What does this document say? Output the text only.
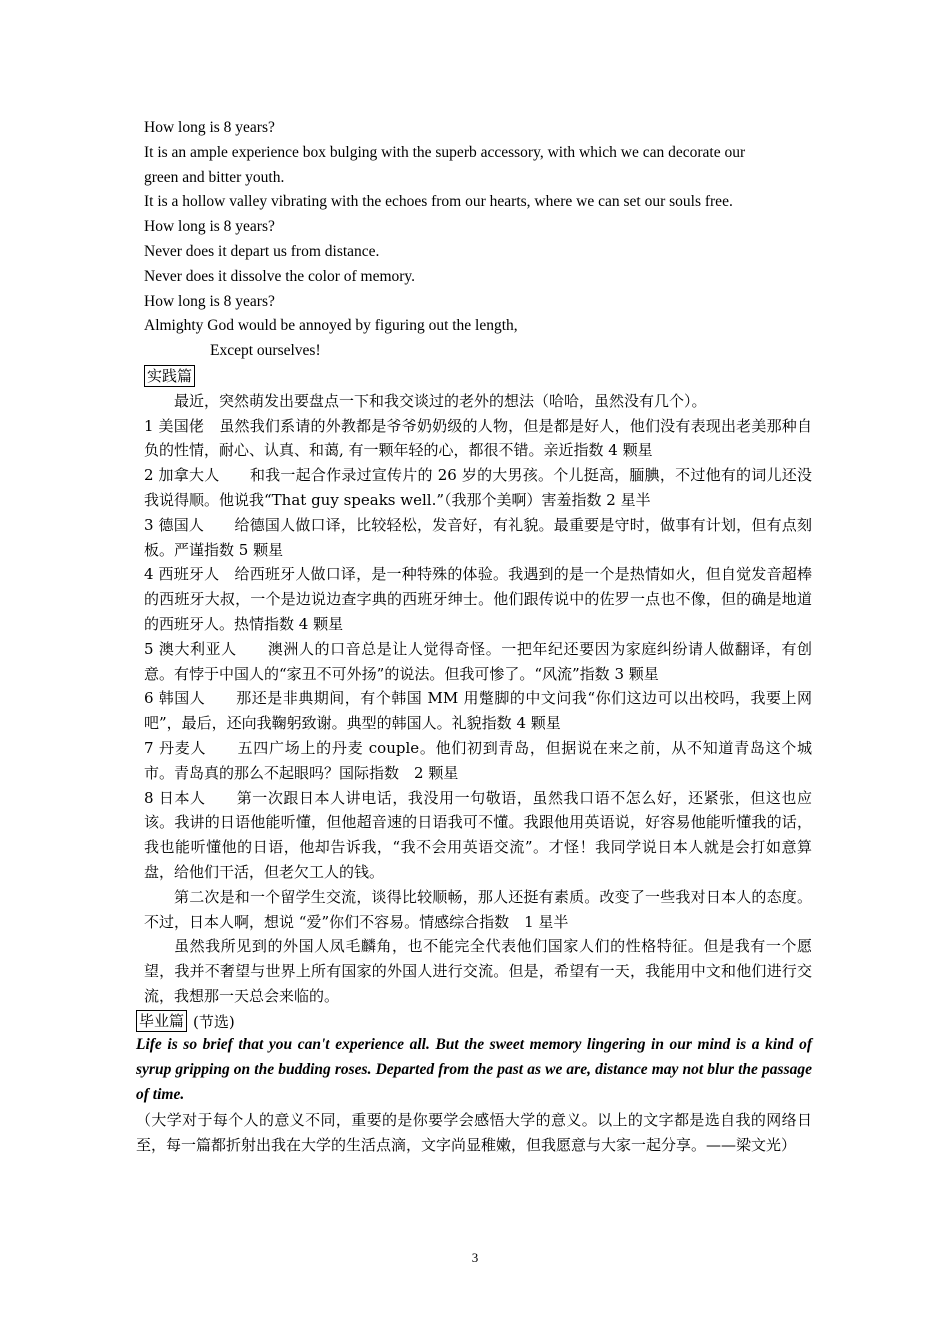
How long is 8 years?
It is an ample experience box bulging with the superb accessory, with which we can decorate our
green and bitter youth.
It is a hollow valley vibrating with the echoes from our hearts, where we can set our souls free.
How long is 8 years?
Never does it depart us from distance.
Never does it dissolve the color of memory.
How long is 8 years?
Almighty God would be annoyed by figuring out the length,
Except ourselves!
实践篇

最近，突然萌发出要盘点一下和我交谈过的老外的想法（哈哈，虽然没有几个）。

1 美国佬　虽然我们系请的外教都是爷爷奶奶级的人物，但是都是好人，他们没有表现出老美那种自负的性情，耐心、认真、和蔼, 有一颗年轻的心，都很不错。亲近指数 4 颗星

2 加拿大人　　和我一起合作录过宣传片的 26 岁的大男孩。个儿挺高，腼腆，不过他有的词儿还没我说得顺。他说我“That guy speaks well.”（我那个美啊）害羞指数 2 星半

3 德国人　　给德国人做口译，比较轻松，发音好，有礼貌。最重要是守时，做事有计划，但有点刻板。严谨指数 5 颗星

4 西班牙人　给西班牙人做口译，是一种特殊的体验。我遇到的是一个是热情如火，但自觉发音超棒的西班牙大叔，一个是边说边查字典的西班牙绅士。他们跟传说中的佐罗一点也不像，但的确是地道的西班牙人。热情指数 4 颗星

5 澳大利亚人　　澳洲人的口音总是让人觉得奇怪。一把年纪还要因为家庭纠纷请人做翻译，有创意。有悖于中国人的“家丑不可外扬”的说法。但我可惨了。“风流”指数 3 颗星

6 韩国人　　那还是非典期间，有个韩国 MM 用蹩脚的中文问我“你们这边可以出校吗，我要上网吧”，最后，还向我鞠躬致谢。典型的韩国人。礼貌指数 4 颗星

7 丹麦人　　五四广场上的丹麦 couple。他们初到青岛，但据说在来之前，从不知道青岛这个城市。青岛真的那么不起眼吗？国际指数　2 颗星

8 日本人　　第一次跟日本人讲电话，我没用一句敬语，虽然我口语不怎么好，还紧张，但这也应该。我讲的日语他能听懂，但他超音速的日语我可不懂。我跟他用英语说，好容易他能听懂我的话，我也能听懂他的日语，他却告诉我，“我不会用英语交流”。才怪！我同学说日本人就是会打如意算盘，给他们干活，但老欠工人的钱。

第二次是和一个留学生交流，谈得比较顺畅，那人还挺有素质。改变了一些我对日本人的态度。不过，日本人啊，想说 “爱”你们不容易。情感综合指数　1 星半

虽然我所见到的外国人凤毛麟角，也不能完全代表他们国家人们的性格特征。但是我有一个愿望，我并不奢望与世界上所有国家的外国人进行交流。但是，希望有一天，我能用中文和他们进行交流，我想那一天总会来临的。

毕业篇 (节选)

Life is so brief that you can't experience all. But the sweet memory lingering in our mind is a kind of syrup gripping on the budding roses. Departed from the past as we are, distance may not blur the passage of time.

（大学对于每个人的意义不同，重要的是你要学会感悟大学的意义。以上的文字都是选自我的网络日至，每一篇都折射出我在大学的生活点滴，文字尚显稚嫩，但我愿意与大家一起分享。——梁文光）

3
